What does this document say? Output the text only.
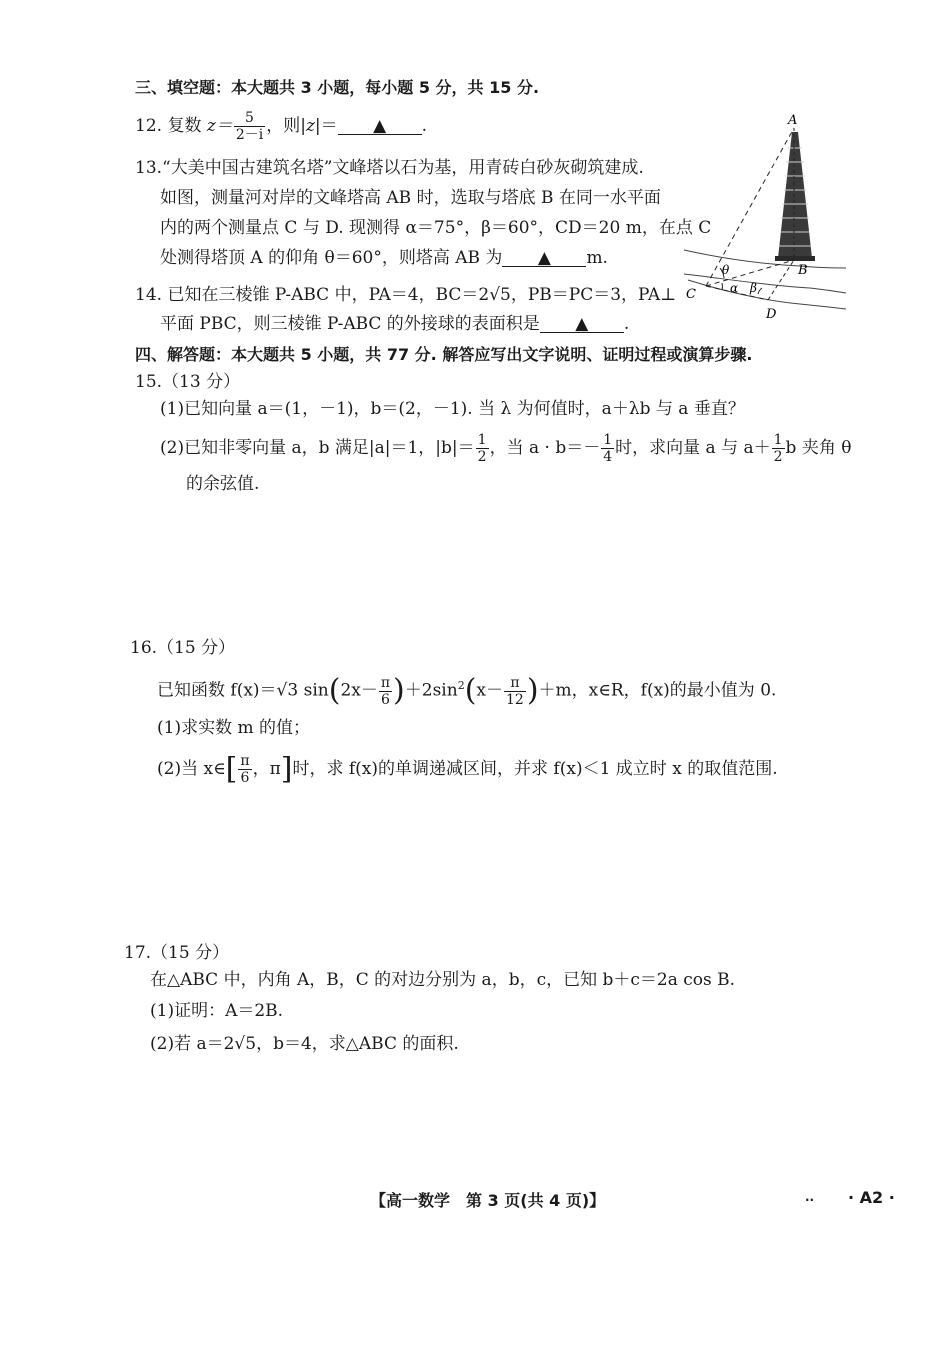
三、填空题：本大题共 3 小题，每小题 5 分，共 15 分.
12. 复数 $z= \frac{5}{2-i}$ ，则|z|＝ ▲ .
13.“大美中国古建筑名塔”文峰塔以石为基，用青砖白砂灰砌筑建成.
如图，测量河对岸的文峰塔高 AB 时，选取与塔底 B 在同一水平面
内的两个测量点 C 与 D. 现测得 α＝75°，β＝60°，CD＝20 m，在点 C
处测得塔顶 A 的仰角 θ＝60°，则塔高 AB 为 ▲ m.
14. 已知在三棱锥 P-ABC 中，PA＝4，BC＝2√5，PB＝PC＝3，PA⊥
平面 PBC，则三棱锥 P-ABC 的外接球的表面积是 ▲ .
A
B
C
D
θ
α β
四、解答题：本大题共 5 小题，共 77 分. 解答应写出文字说明、证明过程或演算步骤.
15.（13 分）
(1)已知向量 a＝(1，－1)，b＝(2，－1). 当 λ 为何值时，a＋λb 与 a 垂直？
(2)已知非零向量 a，b 满足|a|＝1，$|b|= \frac{1}{2}$ ，当 $a \cdot b=- \frac{1}{4}$ 时，求向量 a 与 $a+ \frac{1}{2}$ b 夹角 θ
的余弦值.
16.（15 分）
已知函数 f(x)＝√3 $\sin(2x- \frac{\pi}{6} )+2\sin^2(x- \frac{\pi}{12} )+m$，x∈R，f(x)的最小值为 0.
(1)求实数 m 的值；
(2)当 x∈[ $\frac{\pi}{6}$ ，π]时，求 f(x)的单调递减区间，并求 f(x)＜1 成立时 x 的取值范围.
17.（15 分）
在△ABC 中，内角 A，B，C 的对边分别为 a，b，c，已知 b＋c＝2a cos B.
(1)证明：A＝2B.
(2)若 a＝2√5，b＝4，求△ABC 的面积.
【高一数学　第 3 页(共 4 页)】	.. · A2 ·
